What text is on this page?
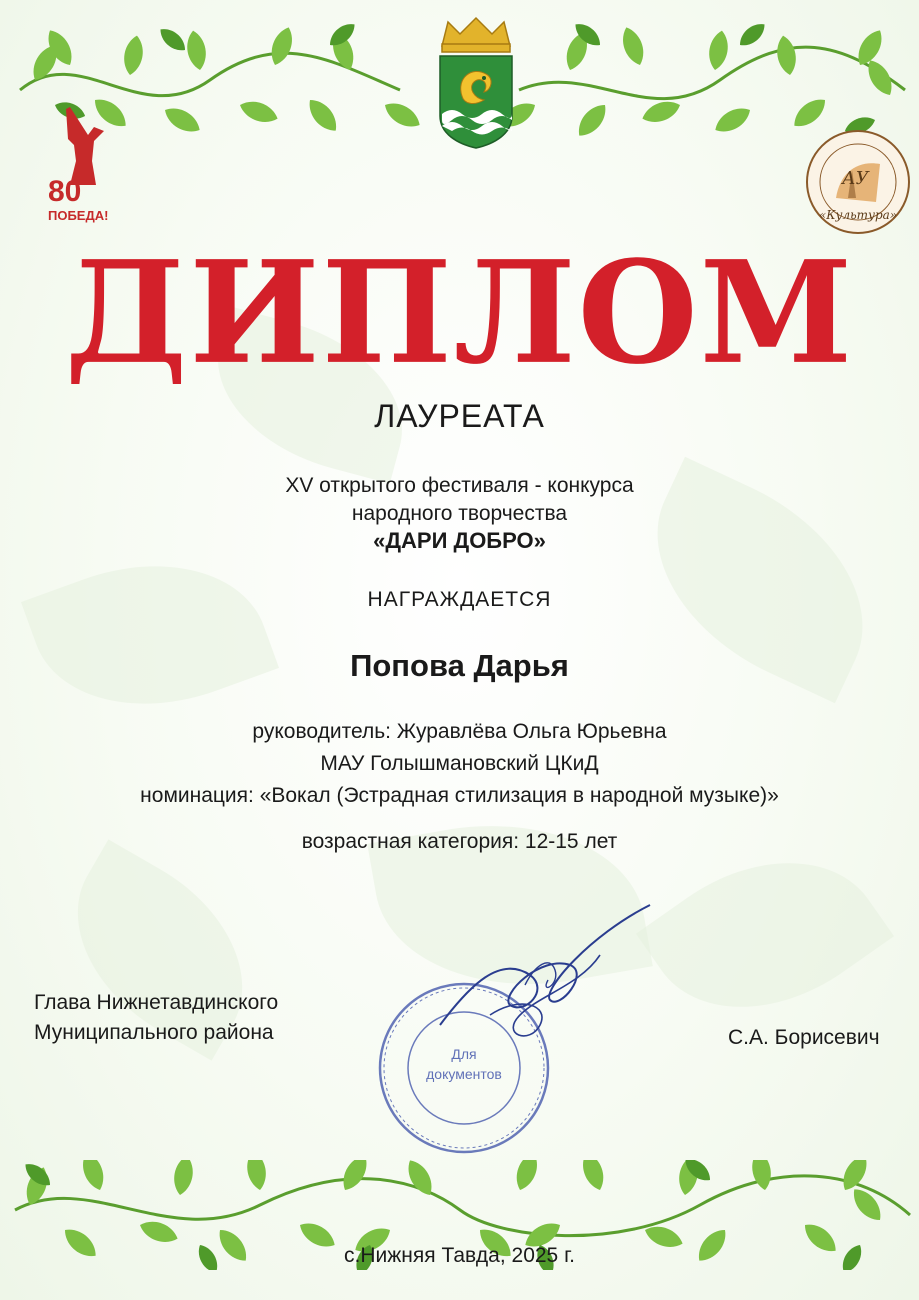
80
ПОБЕДА!
АУ
«Культура»
ДИПЛОМ
ЛАУРЕАТА
XV открытого фестиваля - конкурса
народного творчества
«ДАРИ ДОБРО»
НАГРАЖДАЕТСЯ
Попова Дарья
руководитель: Журавлёва Ольга Юрьевна
МАУ Голышмановский ЦКиД
номинация: «Вокал (Эстрадная стилизация в народной музыке)»
возрастная категория: 12-15 лет
Глава Нижнетавдинского
Муниципального района	С.А. Борисевич
Для
документов
с.Нижняя Тавда, 2025 г.
